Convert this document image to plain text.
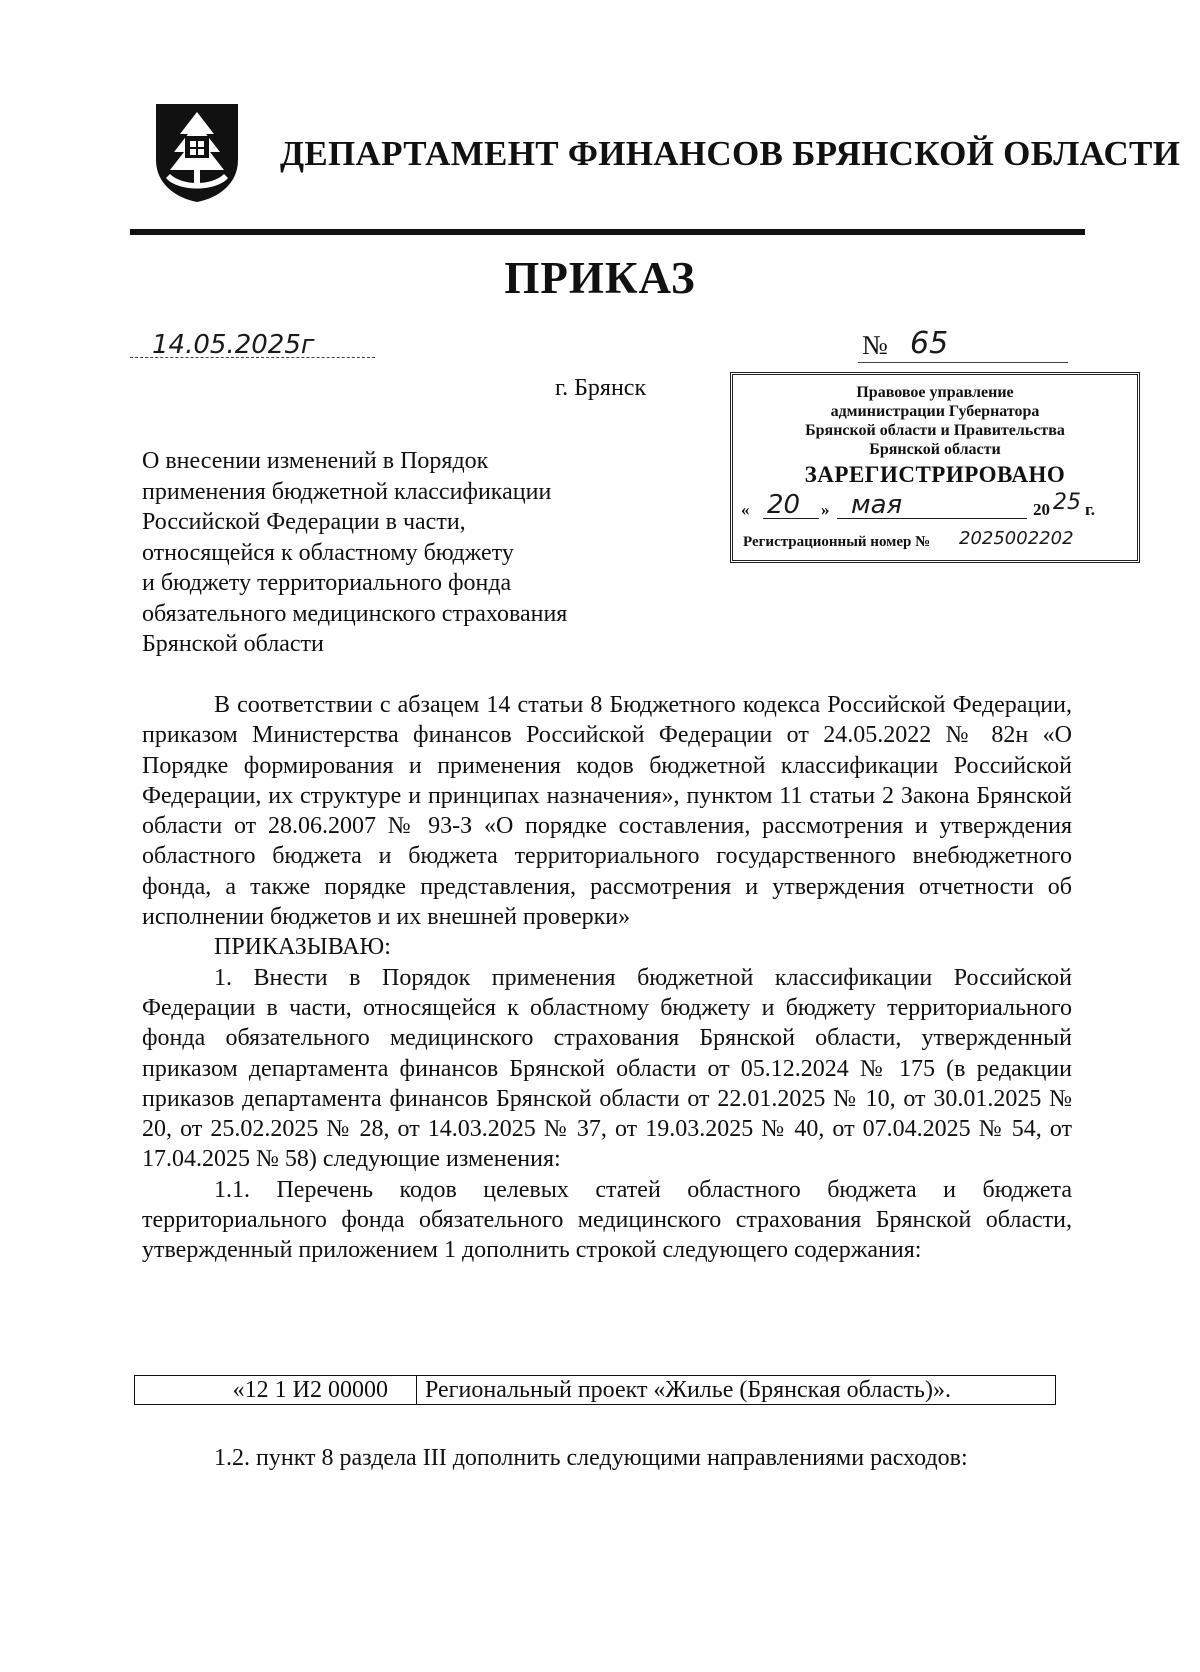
ДЕПАРТАМЕНТ ФИНАНСОВ БРЯНСКОЙ ОБЛАСТИ
ПРИКАЗ
14.05.2025г	№ 65
г. Брянск	Правовое управление
администрации Губернатора
Брянской области и Правительства
Брянской области
ЗАРЕГИСТРИРОВАНО
« 20 » мая	20 25 г.
Регистрационный номер № 2025002202
О внесении изменений в Порядок
применения бюджетной классификации
Российской Федерации в части,
относящейся к областному бюджету
и бюджету территориального фонда
обязательного медицинского страхования
Брянской области

В соответствии с абзацем 14 статьи 8 Бюджетного кодекса Российской Федерации, приказом Министерства финансов Российской Федерации от 24.05.2022 № 82н «О Порядке формирования и применения кодов бюджетной классификации Российской Федерации, их структуре и принципах назначения», пунктом 11 статьи 2 Закона Брянской области от 28.06.2007 № 93-З «О порядке составления, рассмотрения и утверждения областного бюджета и бюджета территориального государственного внебюджетного фонда, а также порядке представления, рассмотрения и утверждения отчетности об исполнении бюджетов и их внешней проверки»

ПРИКАЗЫВАЮ:

1. Внести в Порядок применения бюджетной классификации Российской Федерации в части, относящейся к областному бюджету и бюджету территориального фонда обязательного медицинского страхования Брянской области, утвержденный приказом департамента финансов Брянской области от 05.12.2024 № 175 (в редакции приказов департамента финансов Брянской области от 22.01.2025 № 10, от 30.01.2025 № 20, от 25.02.2025 № 28, от 14.03.2025 № 37, от 19.03.2025 № 40, от 07.04.2025 № 54, от 17.04.2025 № 58) следующие изменения:

1.1. Перечень кодов целевых статей областного бюджета и бюджета территориального фонда обязательного медицинского страхования Брянской области, утвержденный приложением 1 дополнить строкой следующего содержания:

«12 1 И2 00000	Региональный проект «Жилье (Брянская область)».

1.2. пункт 8 раздела III дополнить следующими направлениями расходов:
